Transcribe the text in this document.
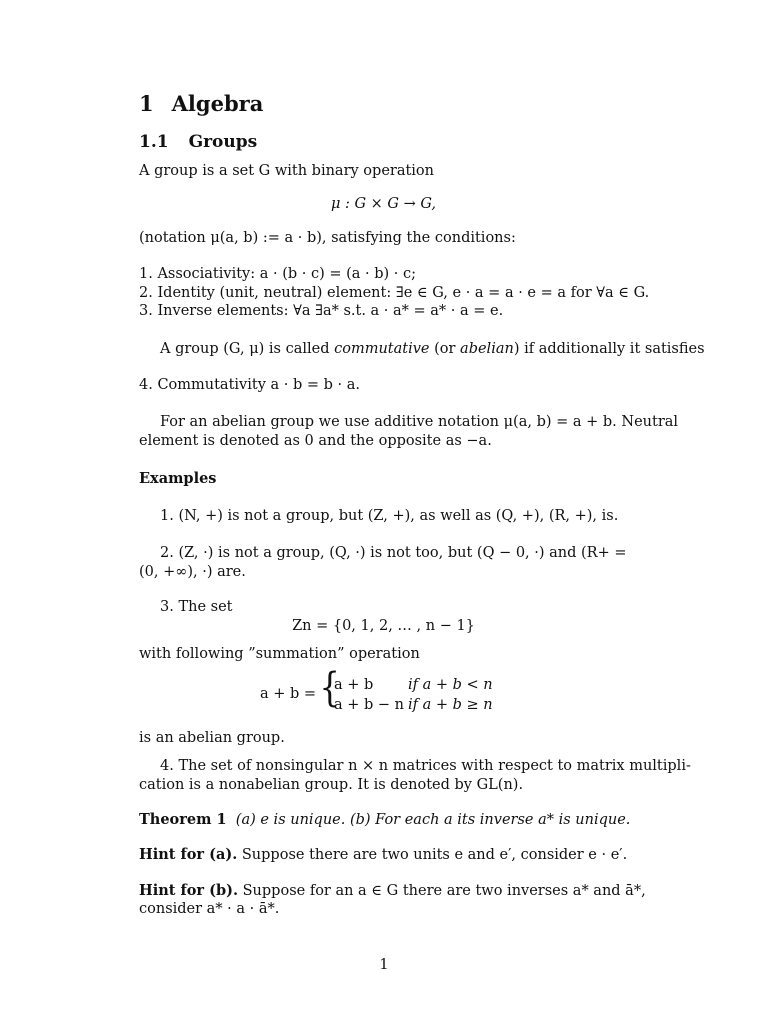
1 Algebra
1.1 Groups
A group is a set G with binary operation
μ : G × G → G,
(notation μ(a, b) := a · b), satisfying the conditions:
1. Associativity: a · (b · c) = (a · b) · c;
2. Identity (unit, neutral) element: ∃e ∈ G, e · a = a · e = a for ∀a ∈ G.
3. Inverse elements: ∀a ∃a* s.t. a · a* = a* · a = e.
A group (G, μ) is called commutative (or abelian) if additionally it satisfies
4. Commutativity a · b = b · a.
For an abelian group we use additive notation μ(a, b) = a + b. Neutral
element is denoted as 0 and the opposite as −a.
Examples
1. (N, +) is not a group, but (Z, +), as well as (Q, +), (R, +), is.
2. (Z, ·) is not a group, (Q, ·) is not too, but (Q − 0, ·) and (R+ =
(0, +∞), ·) are.
3. The set
Zn = {0, 1, 2, … , n − 1}
with following ”summation” operation
a + b = {
a + b if a + b < n
a + b − n if a + b ≥ n
is an abelian group.
4. The set of nonsingular n × n matrices with respect to matrix multipli-
cation is a nonabelian group. It is denoted by GL(n).
Theorem 1 (a) e is unique. (b) For each a its inverse a* is unique.
Hint for (a). Suppose there are two units e and e′, consider e · e′.
Hint for (b). Suppose for an a ∈ G there are two inverses a* and ā*,
consider a* · a · ā*.
1
